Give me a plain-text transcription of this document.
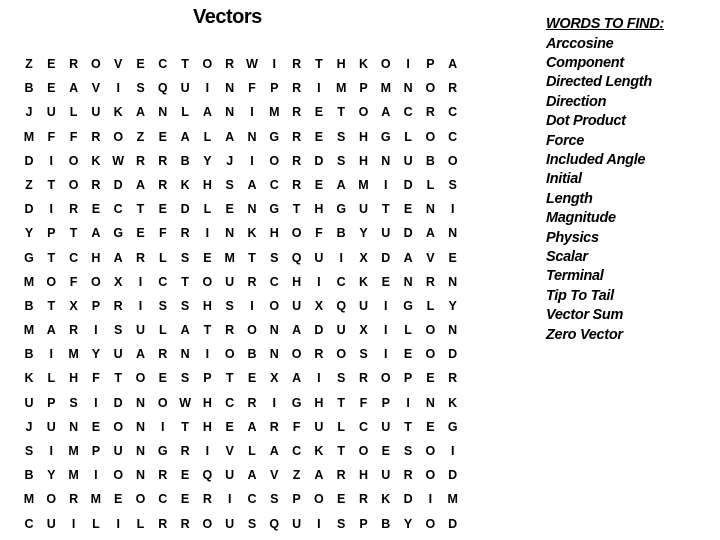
Vectors
Z	E	R	O	V	E	C	T	O	R W	I	R	T	H	K	O	I	P	A
B	E	A	V	I	S	Q	U	I	N	F	P	R	I	M	P	M	N	O	R
J	U	L	U	K	A	N	L	A	N	I	M	R	E	T	O	A	C	R	C
M	F	F	R	O	Z	E	A	L	A	N	G	R	E	S	H	G	L	O	C
D	I	O	K W R	R	B	Y	J	I	O	R	D	S	H	N	U	B	O
Z	T	O	R	D	A	R	K	H	S	A	C	R	E	A	M	I	D	L	S
D	I	R	E	C	T	E	D	L	E	N	G	T	H	G	U	T	E	N	I
Y	P	T	A	G	E	F	R	I	N	K	H	O	F	B	Y	U	D	A	N
G	T	C	H	A	R	L	S	E	M	T	S	Q	U	I	X	D	A	V	E
M O	F	O	X	I	C	T	O	U	R	C	H	I	C	K	E	N	R	N
B	T	X	P	R	I	S	S	H	S	I	O	U	X	Q	U	I	G	L	Y
M	A	R	I	S	U	L	A	T	R	O	N	A	D	U	X	I	L	O	N
B	I	M	Y	U	A	R	N	I	O	B	N	O	R	O	S	I	E	O	D
K	L	H	F	T	O	E	S	P	T	E	X	A	I	S	R	O	P	E	R
U	P	S	I	D	N	O W H	C	R	I	G	H	T	F	P	I	N	K
J	U	N	E	O	N	I	T	H	E	A	R	F	U	L	C	U	T	E	G
S	I	M	P	U	N	G	R	I	V	L	A	C	K	T	O	E	S	O	I
B	Y	M	I	O	N	R	E	Q	U	A	V	Z	A	R	H	U	R	O	D
M O	R	M	E	O	C	E	R	I	C	S	P	O	E	R	K	D	I	M
C	U	I	L	I	L	R	R	O	U	S	Q	U	I	S	P	B	Y	O	D
WORDS TO FIND:
Arccosine
Component
Directed Length
Direction
Dot Product
Force
Included Angle
Initial
Length
Magnitude
Physics
Scalar
Terminal
Tip To Tail
Vector Sum
Zero Vector
